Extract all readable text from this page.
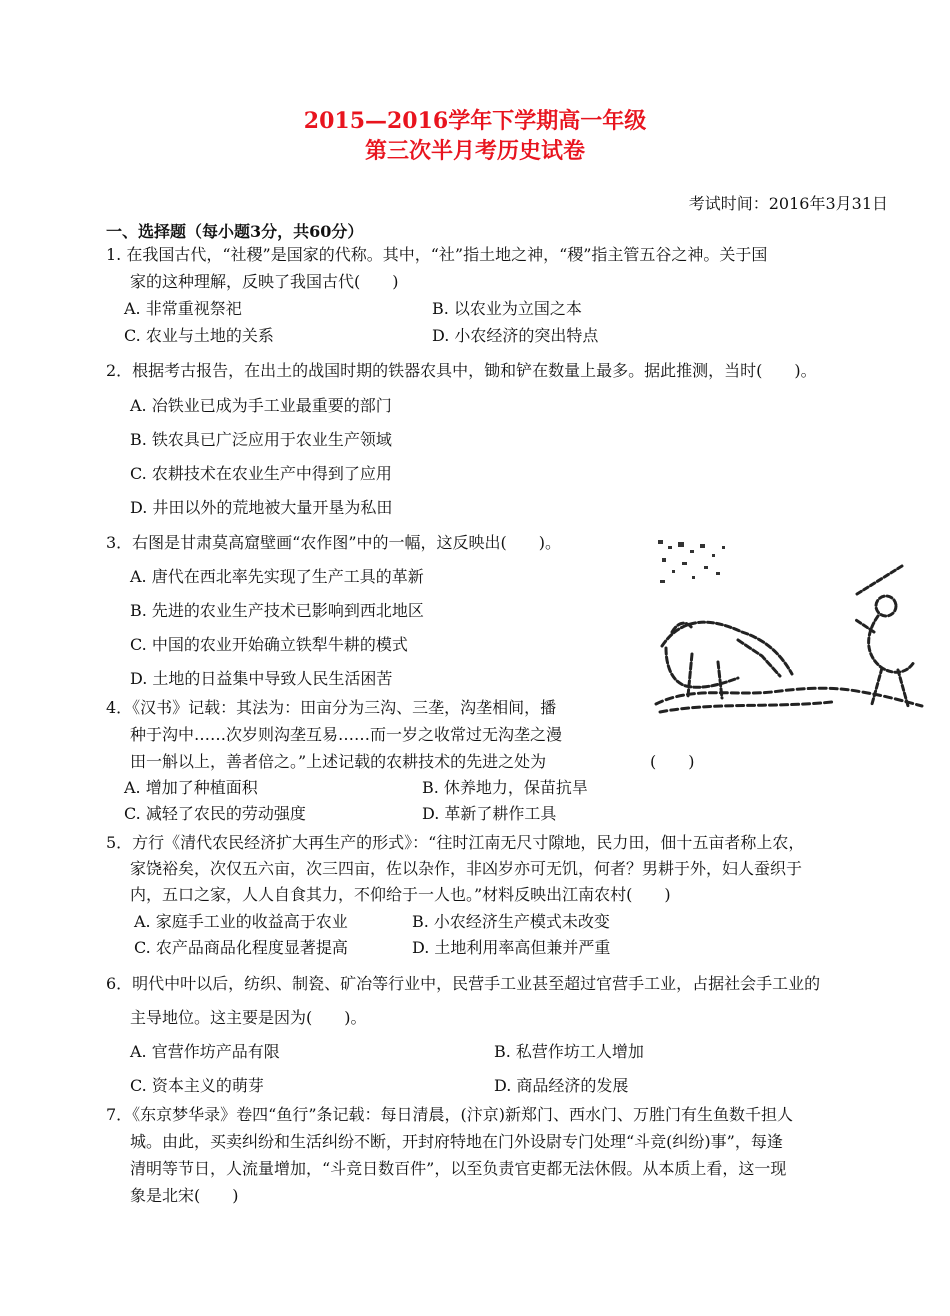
2015—2016学年下学期高一年级
第三次半月考历史试卷
考试时间：2016年3月31日
一、选择题（每小题3分，共60分）
1. 在我国古代，“社稷”是国家的代称。其中，“社”指土地之神，“稷”指主管五谷之神。关于国
家的这种理解，反映了我国古代(　　)
A. 非常重视祭祀	B. 以农业为立国之本
C. 农业与土地的关系	D. 小农经济的突出特点
2．根据考古报告，在出土的战国时期的铁器农具中，锄和铲在数量上最多。据此推测，当时(　　)。
A. 冶铁业已成为手工业最重要的部门
B. 铁农具已广泛应用于农业生产领域
C. 农耕技术在农业生产中得到了应用
D. 井田以外的荒地被大量开垦为私田
3．右图是甘肃莫高窟壁画“农作图”中的一幅，这反映出(　　)。
A. 唐代在西北率先实现了生产工具的革新
B. 先进的农业生产技术已影响到西北地区
C. 中国的农业开始确立铁犁牛耕的模式
D. 土地的日益集中导致人民生活困苦
4．《汉书》记载：其法为：田亩分为三沟、三垄，沟垄相间，播
种于沟中……次岁则沟垄互易……而一岁之收常过无沟垄之漫
田一斛以上，善者倍之。”上述记载的农耕技术的先进之处为	(　　)
A. 增加了种植面积	B. 休养地力，保苗抗旱
C. 减轻了农民的劳动强度	D. 革新了耕作工具
5．方行《清代农民经济扩大再生产的形式》：“往时江南无尺寸隙地，民力田，佃十五亩者称上农，
家饶裕矣，次仅五六亩，次三四亩，佐以杂作，非凶岁亦可无饥，何者？男耕于外，妇人蚕织于
内，五口之家，人人自食其力，不仰给于一人也。”材料反映出江南农村(　　)
A. 家庭手工业的收益高于农业	B. 小农经济生产模式未改变
C. 农产品商品化程度显著提高	D. 土地利用率高但兼并严重
6．明代中叶以后，纺织、制瓷、矿冶等行业中，民营手工业甚至超过官营手工业，占据社会手工业的
主导地位。这主要是因为(　　)。
A. 官营作坊产品有限	B. 私营作坊工人增加
C. 资本主义的萌芽	D. 商品经济的发展
7．《东京梦华录》卷四“鱼行”条记载：每日清晨，(汴京)新郑门、西水门、万胜门有生鱼数千担人
城。由此，买卖纠纷和生活纠纷不断，开封府特地在门外设尉专门处理“斗竞(纠纷)事”，每逢
清明等节日，人流量增加，“斗竞日数百件”，以至负责官吏都无法休假。从本质上看，这一现
象是北宋(　　)
